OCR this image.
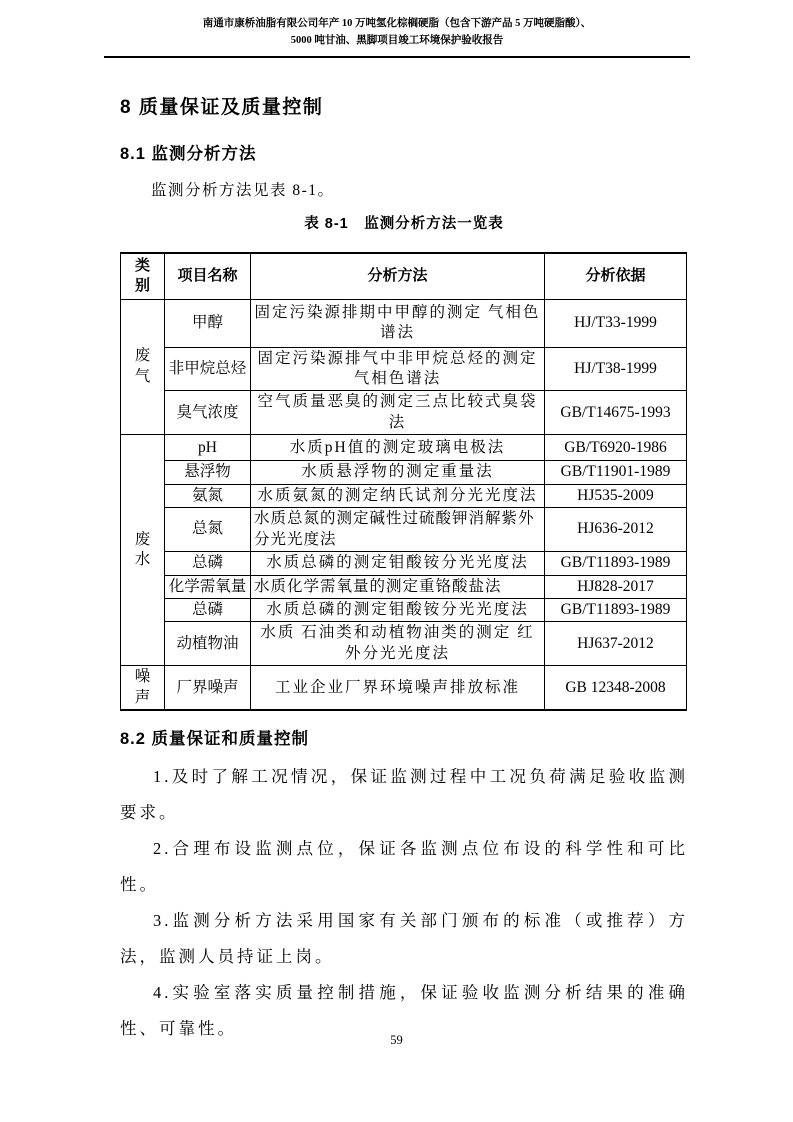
南通市康桥油脂有限公司年产 10 万吨氢化棕榈硬脂（包含下游产品 5 万吨硬脂酸）、
5000 吨甘油、黑脚项目竣工环境保护验收报告
8 质量保证及质量控制
8.1 监测分析方法

监测分析方法见表 8-1。

表 8-1　监测分析方法一览表

类别	项目名称	分析方法	分析依据
废气	甲醇	固定污染源排期中甲醇的测定 气相色谱法	HJ/T33-1999
	非甲烷总烃	固定污染源排气中非甲烷总烃的测定气相色谱法	HJ/T38-1999
	臭气浓度	空气质量恶臭的测定三点比较式臭袋法	GB/T14675-1993
废水	pH	水质pH值的测定玻璃电极法	GB/T6920-1986
	悬浮物	水质悬浮物的测定重量法	GB/T11901-1989
	氨氮	水质氨氮的测定纳氏试剂分光光度法	HJ535-2009
	总氮	水质总氮的测定碱性过硫酸钾消解紫外分光光度法	HJ636-2012
	总磷	水质总磷的测定钼酸铵分光光度法	GB/T11893-1989
	化学需氧量	水质化学需氧量的测定重铬酸盐法	HJ828-2017
	总磷	水质总磷的测定钼酸铵分光光度法	GB/T11893-1989
	动植物油	水质 石油类和动植物油类的测定 红外分光光度法	HJ637-2012
噪声	厂界噪声	工业企业厂界环境噪声排放标准	GB 12348-2008
8.2 质量保证和质量控制

1.及时了解工况情况，保证监测过程中工况负荷满足验收监测要求。

2.合理布设监测点位，保证各监测点位布设的科学性和可比性。

3.监测分析方法采用国家有关部门颁布的标准（或推荐）方法，监测人员持证上岗。

4.实验室落实质量控制措施，保证验收监测分析结果的准确性、可靠性。

59
